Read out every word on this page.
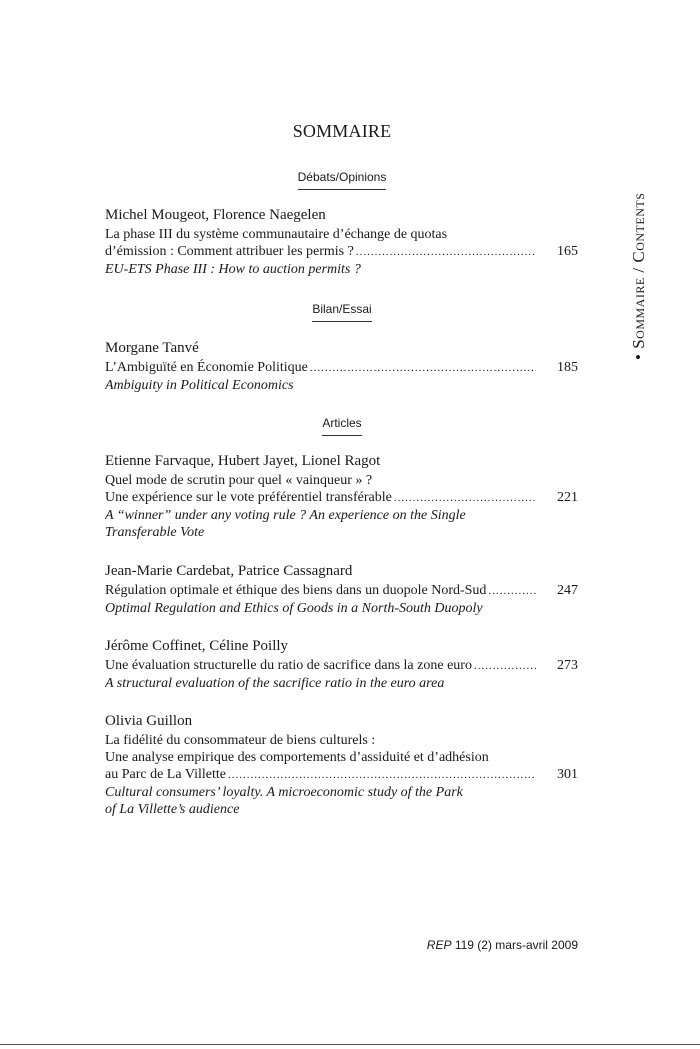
SOMMAIRE
• Sommaire / Contents
Débats/Opinions
Michel Mougeot, Florence Naegelen
La phase III du système communautaire d’échange de quotas
d’émission : Comment attribuer les permis ? .....	165
EU-ETS Phase III : How to auction permits ?
Bilan/Essai
Morgane Tanvé
L’Ambiguïté en Économie Politique .....	185
Ambiguity in Political Economics
Articles
Etienne Farvaque, Hubert Jayet, Lionel Ragot
Quel mode de scrutin pour quel « vainqueur » ?
Une expérience sur le vote préférentiel transférable .....	221
A “winner” under any voting rule ? An experience on the Single
Transferable Vote
Jean-Marie Cardebat, Patrice Cassagnard
Régulation optimale et éthique des biens dans un duopole Nord-Sud .....	247
Optimal Regulation and Ethics of Goods in a North-South Duopoly
Jérôme Coffinet, Céline Poilly
Une évaluation structurelle du ratio de sacrifice dans la zone euro .....	273
A structural evaluation of the sacrifice ratio in the euro area
Olivia Guillon
La fidélité du consommateur de biens culturels :
Une analyse empirique des comportements d’assiduité et d’adhésion
au Parc de La Villette .....	301
Cultural consumers’ loyalty. A microeconomic study of the Park
of La Villette’s audience
REP 119 (2) mars-avril 2009
